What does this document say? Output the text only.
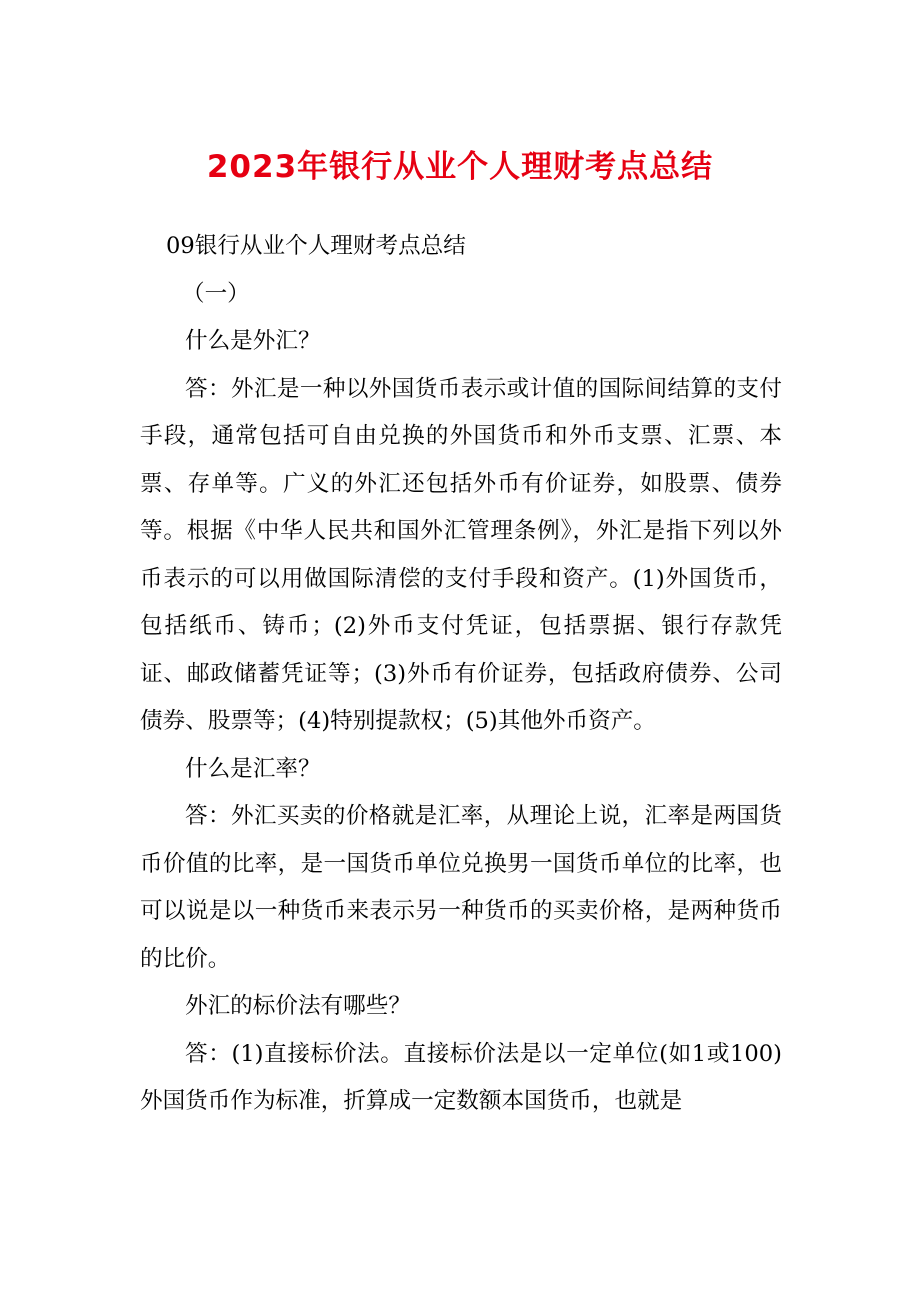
2023年银行从业个人理财考点总结

09银行从业个人理财考点总结

（一）

什么是外汇？

答：外汇是一种以外国货币表示或计值的国际间结算的支付手段，通常包括可自由兑换的外国货币和外币支票、汇票、本票、存单等。广义的外汇还包括外币有价证券，如股票、债券等。根据《中华人民共和国外汇管理条例》，外汇是指下列以外币表示的可以用做国际清偿的支付手段和资产。(1)外国货币，包括纸币、铸币；(2)外币支付凭证，包括票据、银行存款凭证、邮政储蓄凭证等；(3)外币有价证券，包括政府债券、公司债券、股票等；(4)特别提款权；(5)其他外币资产。

什么是汇率？

答：外汇买卖的价格就是汇率，从理论上说，汇率是两国货币价值的比率，是一国货币单位兑换男一国货币单位的比率，也可以说是以一种货币来表示另一种货币的买卖价格，是两种货币的比价。

外汇的标价法有哪些？

答：(1)直接标价法。直接标价法是以一定单位(如1或100)外国货币作为标准，折算成一定数额本国货币，也就是
